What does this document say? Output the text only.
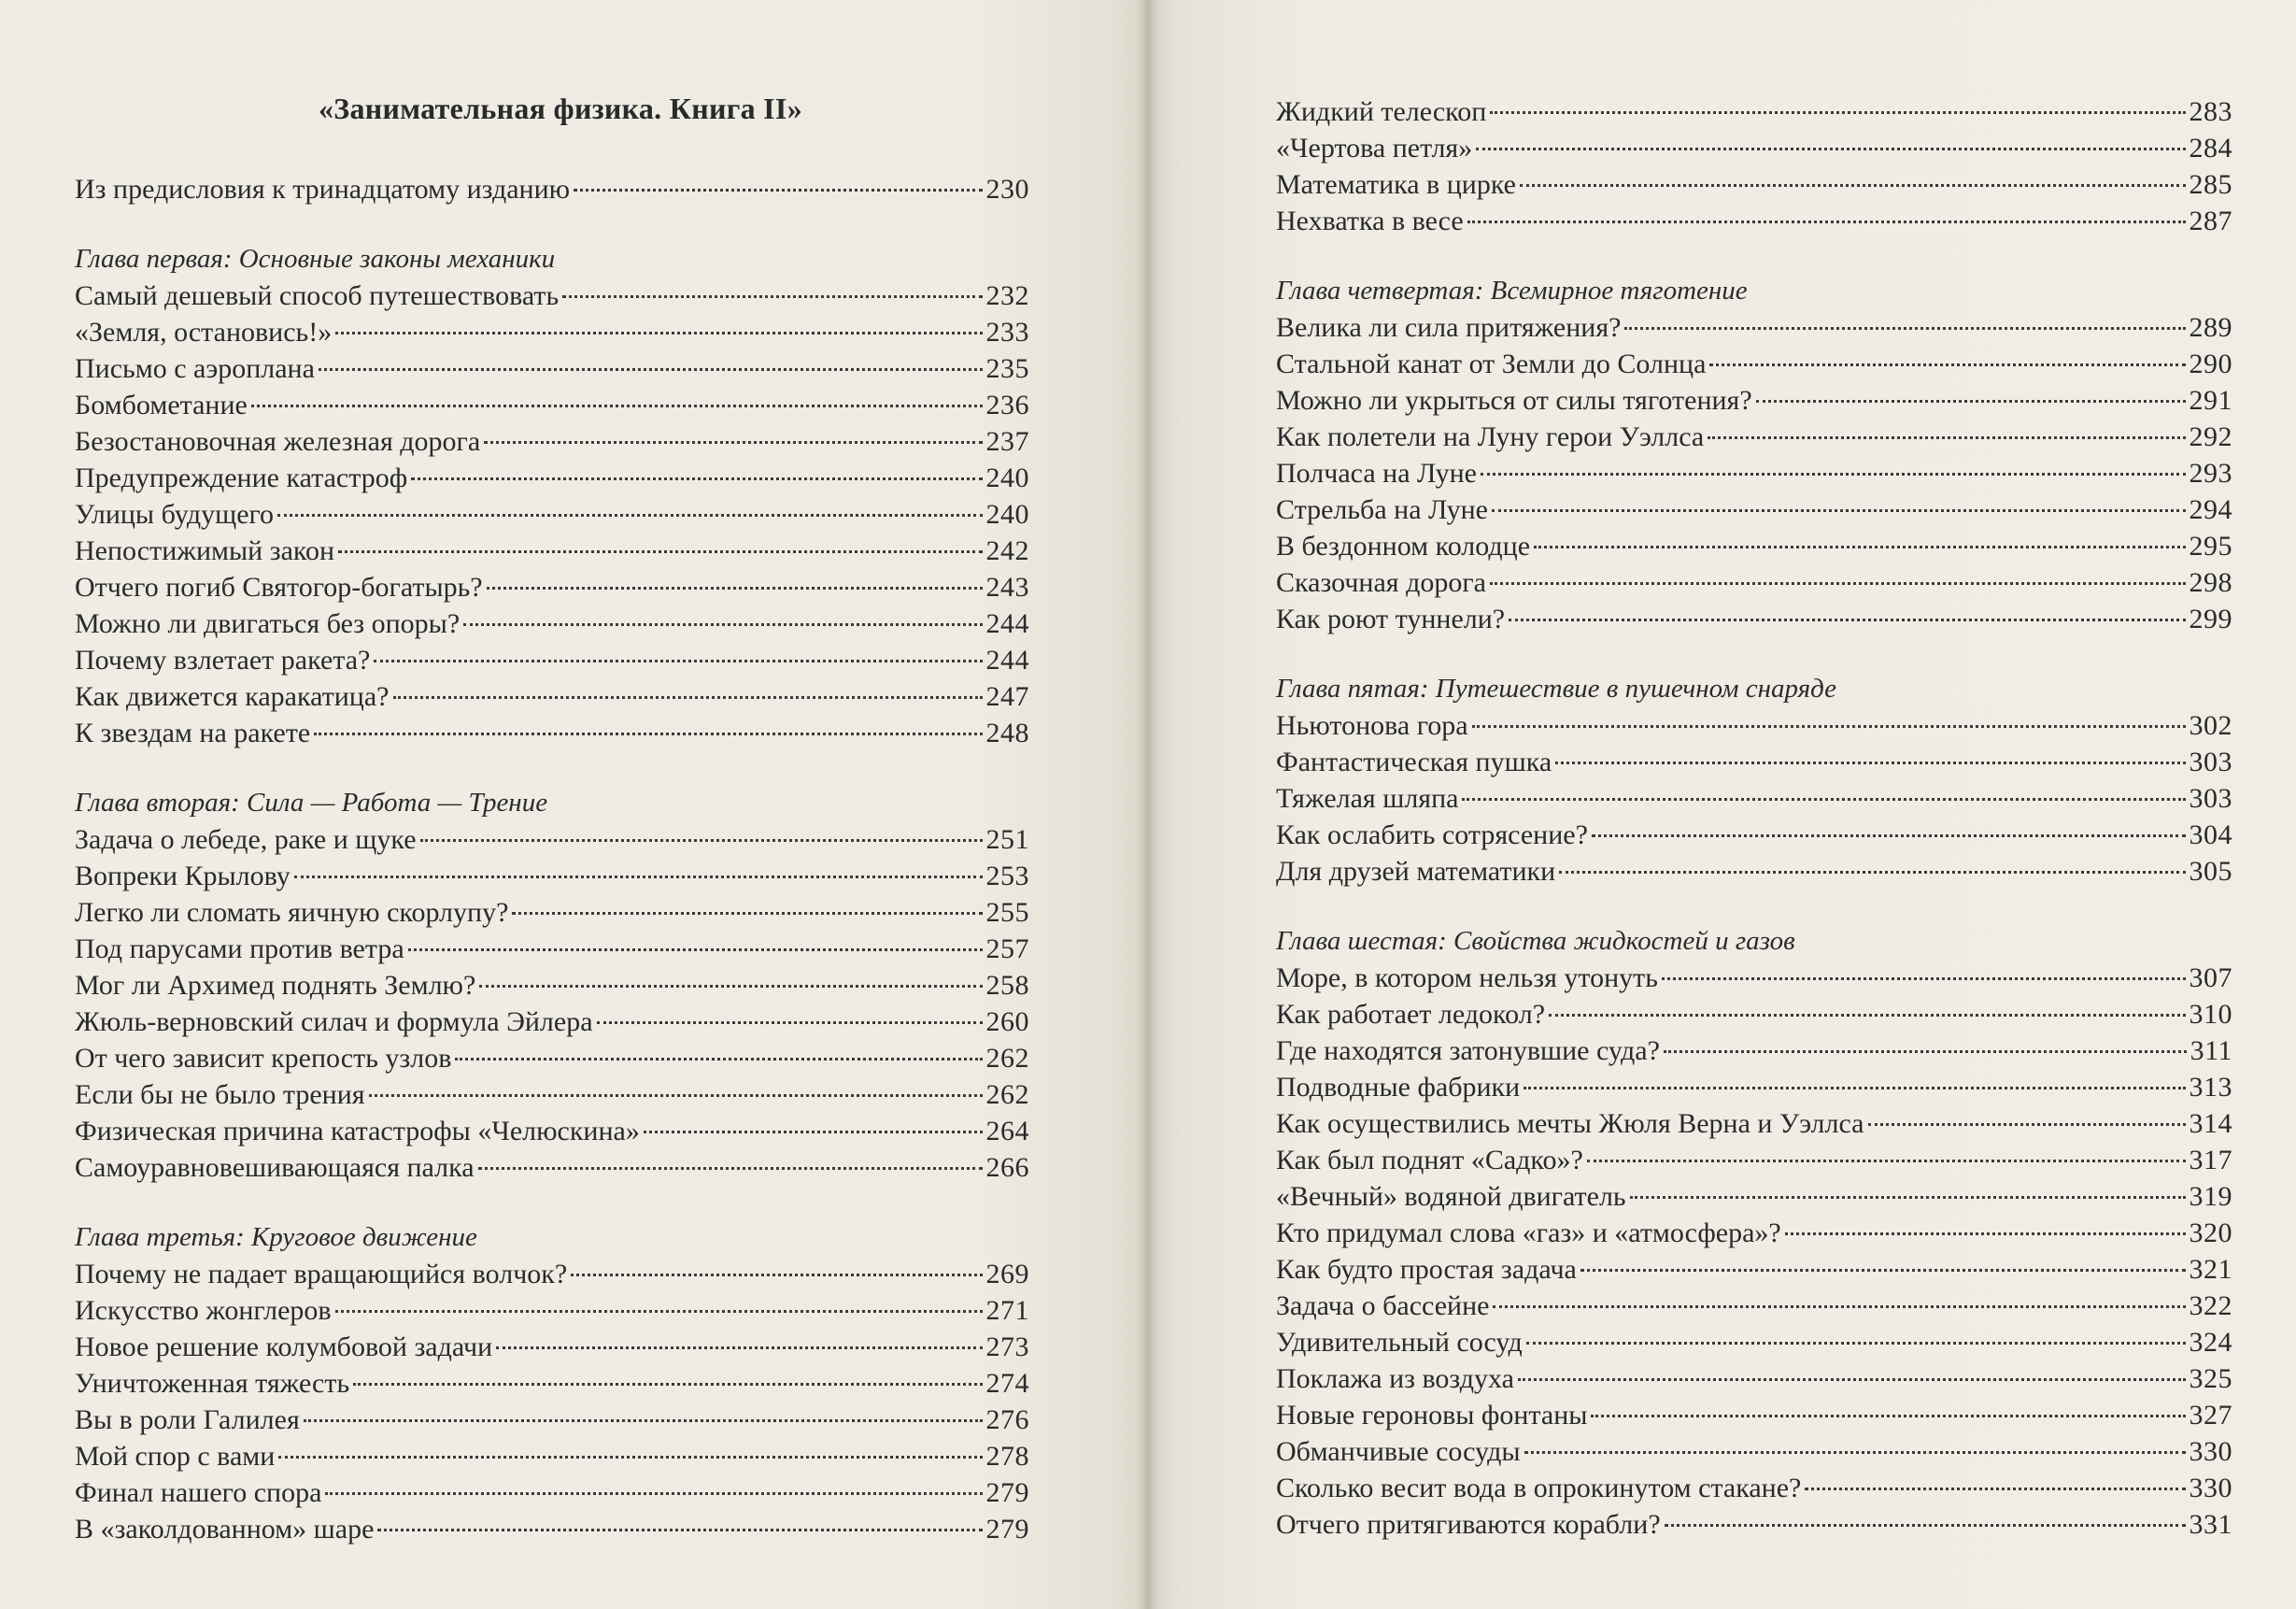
«Занимательная физика. Книга II»
Из предисловия к тринадцатому изданию	230
Глава первая: Основные законы механики
Самый дешевый способ путешествовать	232
«Земля, остановись!»	233
Письмо с аэроплана	235
Бомбометание	236
Безостановочная железная дорога	237
Предупреждение катастроф	240
Улицы будущего	240
Непостижимый закон	242
Отчего погиб Святогор-богатырь?	243
Можно ли двигаться без опоры?	244
Почему взлетает ракета?	244
Как движется каракатица?	247
К звездам на ракете	248
Глава вторая: Сила — Работа — Трение
Задача о лебеде, раке и щуке	251
Вопреки Крылову	253
Легко ли сломать яичную скорлупу?	255
Под парусами против ветра	257
Мог ли Архимед поднять Землю?	258
Жюль-верновский силач и формула Эйлера	260
От чего зависит крепость узлов	262
Если бы не было трения	262
Физическая причина катастрофы «Челюскина»	264
Самоуравновешивающаяся палка	266
Глава третья: Круговое движение
Почему не падает вращающийся волчок?	269
Искусство жонглеров	271
Новое решение колумбовой задачи	273
Уничтоженная тяжесть	274
Вы в роли Галилея	276
Мой спор с вами	278
Финал нашего спора	279
В «заколдованном» шаре	279
Жидкий телескоп	283
«Чертова петля»	284
Математика в цирке	285
Нехватка в весе	287
Глава четвертая: Всемирное тяготение
Велика ли сила притяжения?	289
Стальной канат от Земли до Солнца	290
Можно ли укрыться от силы тяготения?	291
Как полетели на Луну герои Уэллса	292
Полчаса на Луне	293
Стрельба на Луне	294
В бездонном колодце	295
Сказочная дорога	298
Как роют туннели?	299
Глава пятая: Путешествие в пушечном снаряде
Ньютонова гора	302
Фантастическая пушка	303
Тяжелая шляпа	303
Как ослабить сотрясение?	304
Для друзей математики	305
Глава шестая: Свойства жидкостей и газов
Море, в котором нельзя утонуть	307
Как работает ледокол?	310
Где находятся затонувшие суда?	311
Подводные фабрики	313
Как осуществились мечты Жюля Верна и Уэллса	314
Как был поднят «Садко»?	317
«Вечный» водяной двигатель	319
Кто придумал слова «газ» и «атмосфера»?	320
Как будто простая задача	321
Задача о бассейне	322
Удивительный сосуд	324
Поклажа из воздуха	325
Новые героновы фонтаны	327
Обманчивые сосуды	330
Сколько весит вода в опрокинутом стакане?	330
Отчего притягиваются корабли?	331
